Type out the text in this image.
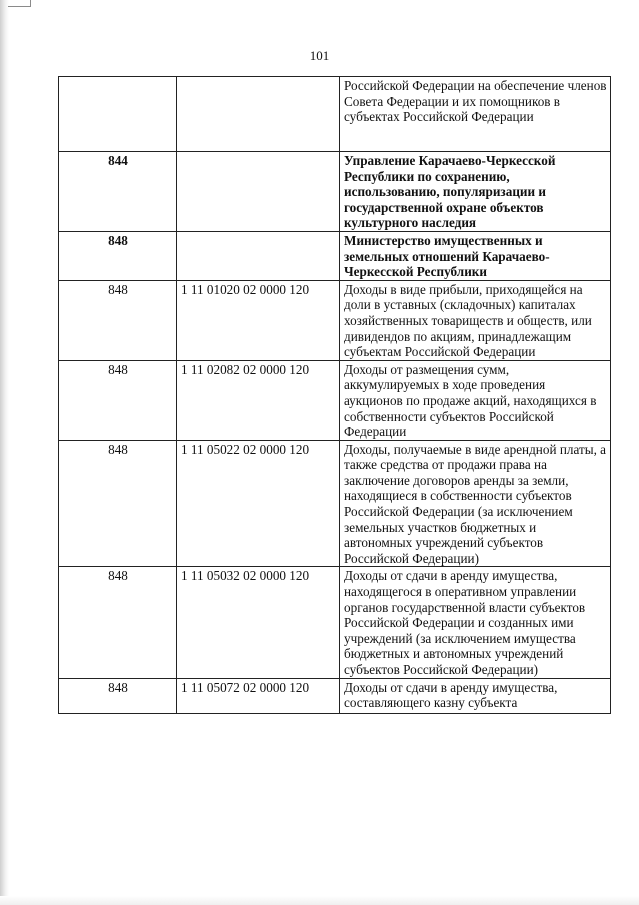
101
		Российской Федерации на обеспечение членов Совета Федерации и их помощников в субъектах Российской Федерации
844		Управление Карачаево-Черкесской Республики по сохранению, использованию, популяризации и государственной охране объектов культурного наследия
848		Министерство имущественных и земельных отношений Карачаево-Черкесской Республики
848	1 11 01020 02 0000 120	Доходы в виде прибыли, приходящейся на доли в уставных (складочных) капиталах хозяйственных товариществ и обществ, или дивидендов по акциям, принадлежащим субъектам Российской Федерации
848	1 11 02082 02 0000 120	Доходы от размещения сумм, аккумулируемых в ходе проведения аукционов по продаже акций, находящихся в собственности субъектов Российской Федерации
848	1 11 05022 02 0000 120	Доходы, получаемые в виде арендной платы, а также средства от продажи права на заключение договоров аренды за земли, находящиеся в собственности субъектов Российской Федерации (за исключением земельных участков бюджетных и автономных учреждений субъектов Российской Федерации)
848	1 11 05032 02 0000 120	Доходы от сдачи в аренду имущества, находящегося в оперативном управлении органов государственной власти субъектов Российской Федерации и созданных ими учреждений (за исключением имущества бюджетных и автономных учреждений субъектов Российской Федерации)
848	1 11 05072 02 0000 120	Доходы от сдачи в аренду имущества, составляющего казну субъекта
